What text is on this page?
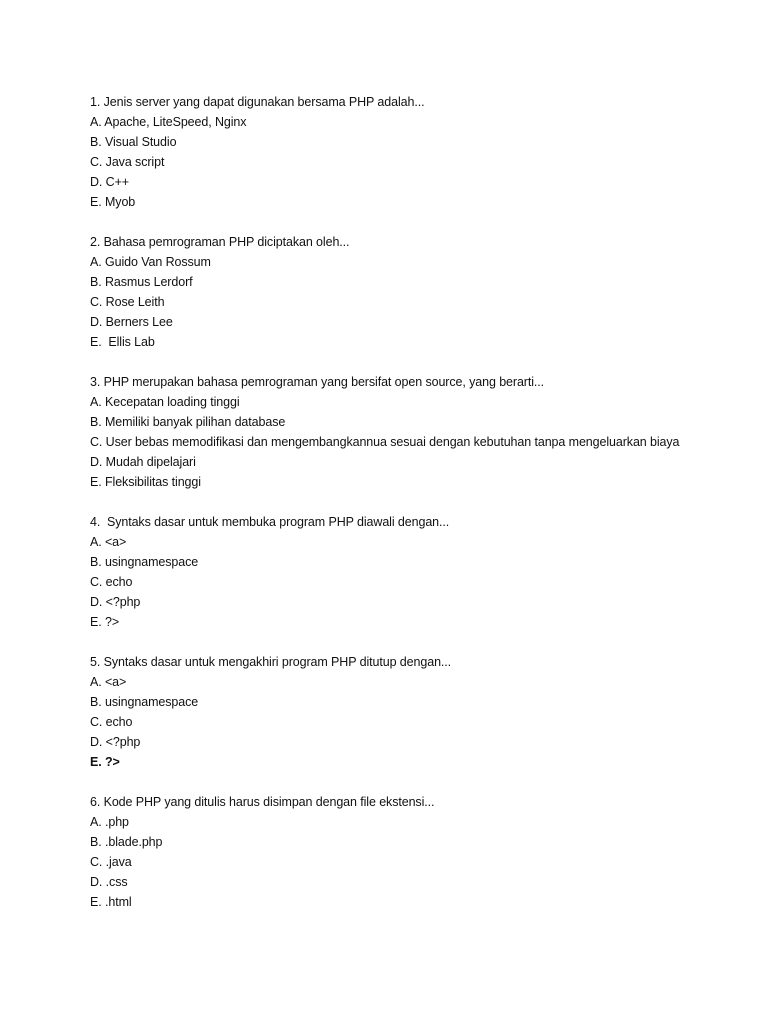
1. Jenis server yang dapat digunakan bersama PHP adalah...
A. Apache, LiteSpeed, Nginx
B. Visual Studio
C. Java script
D. C++
E. Myob
2. Bahasa pemrograman PHP diciptakan oleh...
A. Guido Van Rossum
B. Rasmus Lerdorf
C. Rose Leith
D. Berners Lee
E.  Ellis Lab
3. PHP merupakan bahasa pemrograman yang bersifat open source, yang berarti...
A. Kecepatan loading tinggi
B. Memiliki banyak pilihan database
C. User bebas memodifikasi dan mengembangkannua sesuai dengan kebutuhan tanpa mengeluarkan biaya
D. Mudah dipelajari
E. Fleksibilitas tinggi
4.  Syntaks dasar untuk membuka program PHP diawali dengan...
A. <a>
B. usingnamespace
C. echo
D. <?php
E. ?>
5. Syntaks dasar untuk mengakhiri program PHP ditutup dengan...
A. <a>
B. usingnamespace
C. echo
D. <?php
E. ?>
6. Kode PHP yang ditulis harus disimpan dengan file ekstensi...
A. .php
B. .blade.php
C. .java
D. .css
E. .html
